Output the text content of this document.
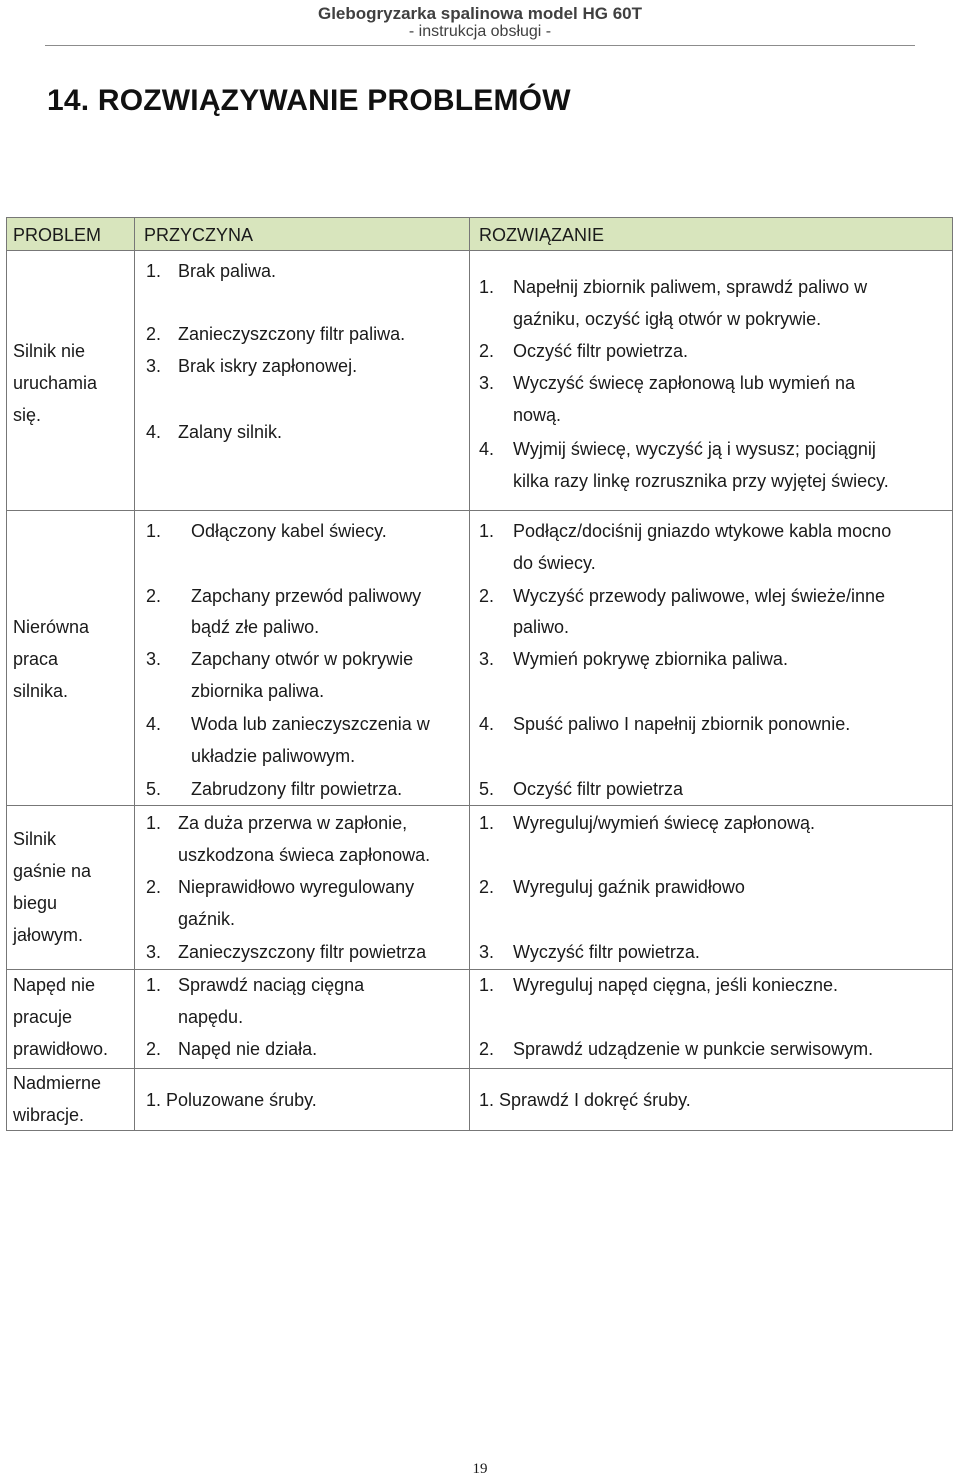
Glebogryzarka spalinowa model HG 60T
- instrukcja obsługi -
14. ROZWIĄZYWANIE PROBLEMÓW
PROBLEM PRZYCZYNA	ROZWIĄZANIE
Silnik nie
uruchamia
się.
1. Brak paliwa.
2. Zanieczyszczony filtr paliwa.
3. Brak iskry zapłonowej.
4. Zalany silnik.
1. Napełnij zbiornik paliwem, sprawdź paliwo w
gaźniku, oczyść igłą otwór w pokrywie.
2. Oczyść filtr powietrza.
3. Wyczyść świecę zapłonową lub wymień na
nową.
4. Wyjmij świecę, wyczyść ją i wysusz; pociągnij
kilka razy linkę rozrusznika przy wyjętej świecy.
Nierówna
praca
silnika.
1. Odłączony kabel świecy.
2. Zapchany przewód paliwowy
bądź złe paliwo.
3. Zapchany otwór w pokrywie
zbiornika paliwa.
4. Woda lub zanieczyszczenia w
układzie paliwowym.
5. Zabrudzony filtr powietrza.
1. Podłącz/dociśnij gniazdo wtykowe kabla mocno
do świecy.
2. Wyczyść przewody paliwowe, wlej świeże/inne
paliwo.
3. Wymień pokrywę zbiornika paliwa.
4. Spuść paliwo I napełnij zbiornik ponownie.
5. Oczyść filtr powietrza
Silnik
gaśnie na
biegu
jałowym.
1. Za duża przerwa w zapłonie,
uszkodzona świeca zapłonowa.
2. Nieprawidłowo wyregulowany
gaźnik.
3. Zanieczyszczony filtr powietrza
1. Wyreguluj/wymień świecę zapłonową.
2. Wyreguluj gaźnik prawidłowo
3. Wyczyść filtr powietrza.
Napęd nie
pracuje
prawidłowo.
1. Sprawdź naciąg cięgna
napędu.
2. Napęd nie działa.
1. Wyreguluj napęd cięgna, jeśli konieczne.
2. Sprawdź udządzenie w punkcie serwisowym.
Nadmierne
wibracje.
1. Poluzowane śruby.	1. Sprawdź I dokręć śruby.
19
